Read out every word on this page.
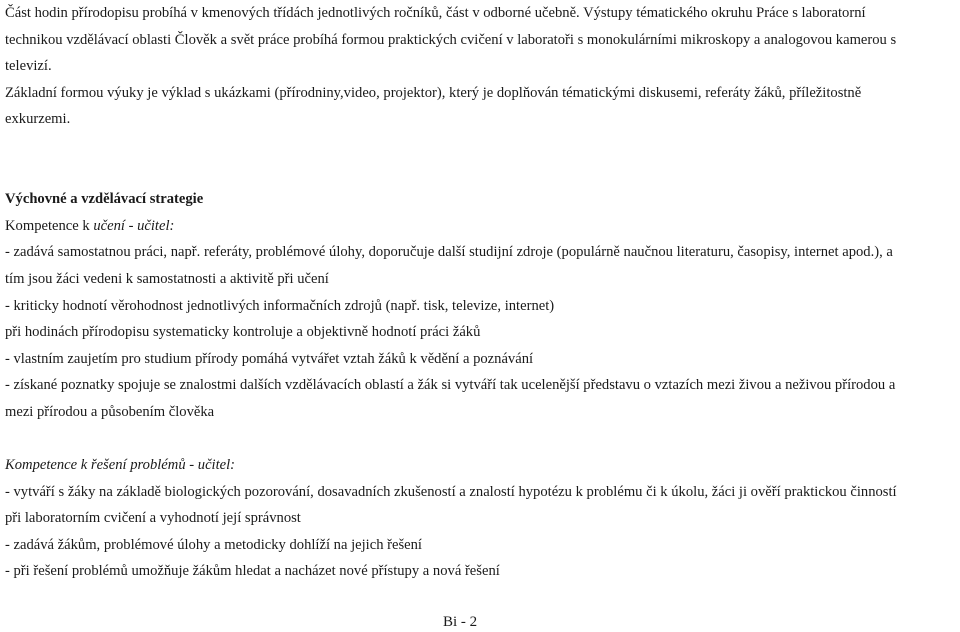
Část hodin přírodopisu probíhá v kmenových třídách jednotlivých ročníků, část v odborné učebně. Výstupy tématického okruhu Práce s laboratorní

technikou vzdělávací oblasti Člověk a svět práce probíhá formou praktických cvičení v laboratoři s monokulárními mikroskopy a analogovou kamerou s

televizí.

Základní formou výuky je výklad s ukázkami (přírodniny,video, projektor), který je doplňován tématickými diskusemi, referáty žáků, příležitostně

exkurzemi.

Výchovné a vzdělávací strategie

Kompetence k učení - učitel:

- zadává samostatnou práci, např. referáty, problémové úlohy, doporučuje další studijní zdroje (populárně naučnou literaturu, časopisy, internet apod.), a

tím jsou žáci vedeni k samostatnosti a aktivitě při učení

- kriticky hodnotí věrohodnost jednotlivých informačních zdrojů (např. tisk, televize, internet)

při hodinách přírodopisu systematicky kontroluje a objektivně hodnotí práci žáků

- vlastním zaujetím pro studium přírody pomáhá vytvářet vztah žáků k vědění a poznávání

- získané poznatky spojuje se znalostmi dalších vzdělávacích oblastí a žák si vytváří tak ucelenější představu o vztazích mezi živou a neživou přírodou a

mezi přírodou a působením člověka

Kompetence k řešení problémů - učitel:

- vytváří s žáky na základě biologických pozorování, dosavadních zkušeností a znalostí hypotézu k problému či k úkolu, žáci ji ověří praktickou činností

při laboratorním cvičení a vyhodnotí její správnost

- zadává žákům, problémové úlohy a metodicky dohlíží na jejich řešení

- při řešení problémů umožňuje žákům hledat a nacházet nové přístupy a nová řešení

Bi - 2
